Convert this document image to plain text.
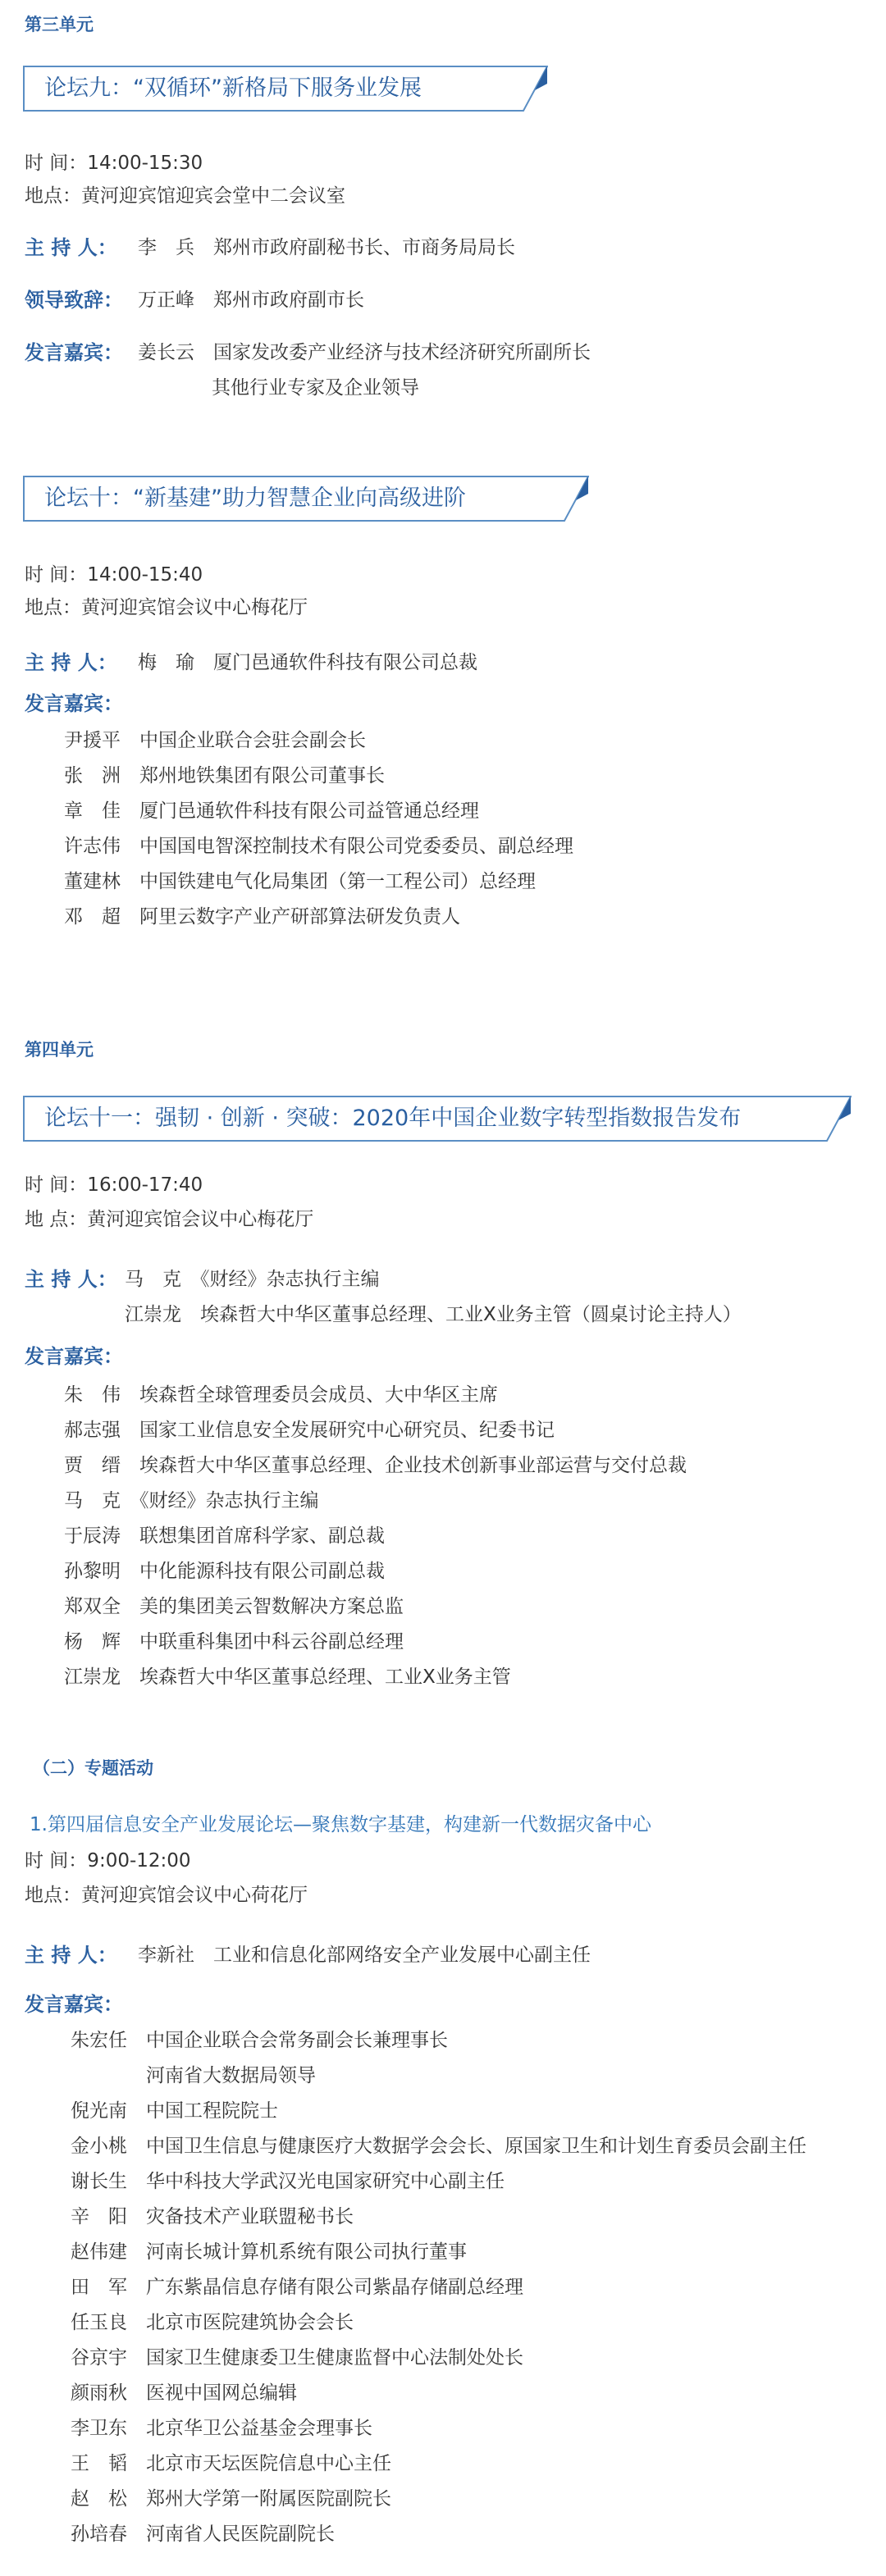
第三单元
论坛九：“双循环”新格局下服务业发展
时 间：14:00-15:30
地点：黄河迎宾馆迎宾会堂中二会议室
主 持 人： 李　兵　郑州市政府副秘书长、市商务局局长
领导致辞： 万正峰　郑州市政府副市长
发言嘉宾： 姜长云　国家发改委产业经济与技术经济研究所副所长
其他行业专家及企业领导
论坛十：“新基建”助力智慧企业向高级进阶
时 间：14:00-15:40
地点：黄河迎宾馆会议中心梅花厅
主 持 人： 梅　瑜　厦门邑通软件科技有限公司总裁
发言嘉宾：
尹援平　中国企业联合会驻会副会长
张　洲　郑州地铁集团有限公司董事长
章　佳　厦门邑通软件科技有限公司益管通总经理
许志伟　中国国电智深控制技术有限公司党委委员、副总经理
董建林　中国铁建电气化局集团（第一工程公司）总经理
邓　超　阿里云数字产业产研部算法研发负责人
第四单元
论坛十一：强韧 · 创新 · 突破：2020年中国企业数字转型指数报告发布
时 间：16:00-17:40
地 点：黄河迎宾馆会议中心梅花厅
主 持 人： 马　克　《财经》杂志执行主编
江崇龙　埃森哲大中华区董事总经理、工业X业务主管（圆桌讨论主持人）
发言嘉宾：
朱　伟　埃森哲全球管理委员会成员、大中华区主席
郝志强　国家工业信息安全发展研究中心研究员、纪委书记
贾　缙　埃森哲大中华区董事总经理、企业技术创新事业部运营与交付总裁
马　克　《财经》杂志执行主编
于辰涛　联想集团首席科学家、副总裁
孙黎明　中化能源科技有限公司副总裁
郑双全　美的集团美云智数解决方案总监
杨　辉　中联重科集团中科云谷副总经理
江崇龙　埃森哲大中华区董事总经理、工业X业务主管
（二）专题活动
1.第四届信息安全产业发展论坛—聚焦数字基建，构建新一代数据灾备中心
时 间：9:00-12:00
地点：黄河迎宾馆会议中心荷花厅
主 持 人： 李新社　工业和信息化部网络安全产业发展中心副主任
发言嘉宾：
朱宏任　中国企业联合会常务副会长兼理事长
　　　　河南省大数据局领导
倪光南　中国工程院院士
金小桃　中国卫生信息与健康医疗大数据学会会长、原国家卫生和计划生育委员会副主任
谢长生　华中科技大学武汉光电国家研究中心副主任
辛　阳　灾备技术产业联盟秘书长
赵伟建　河南长城计算机系统有限公司执行董事
田　军　广东紫晶信息存储有限公司紫晶存储副总经理
任玉良　北京市医院建筑协会会长
谷京宇　国家卫生健康委卫生健康监督中心法制处处长
颜雨秋　医视中国网总编辑
李卫东　北京华卫公益基金会理事长
王　韬　北京市天坛医院信息中心主任
赵　松　郑州大学第一附属医院副院长
孙培春　河南省人民医院副院长
